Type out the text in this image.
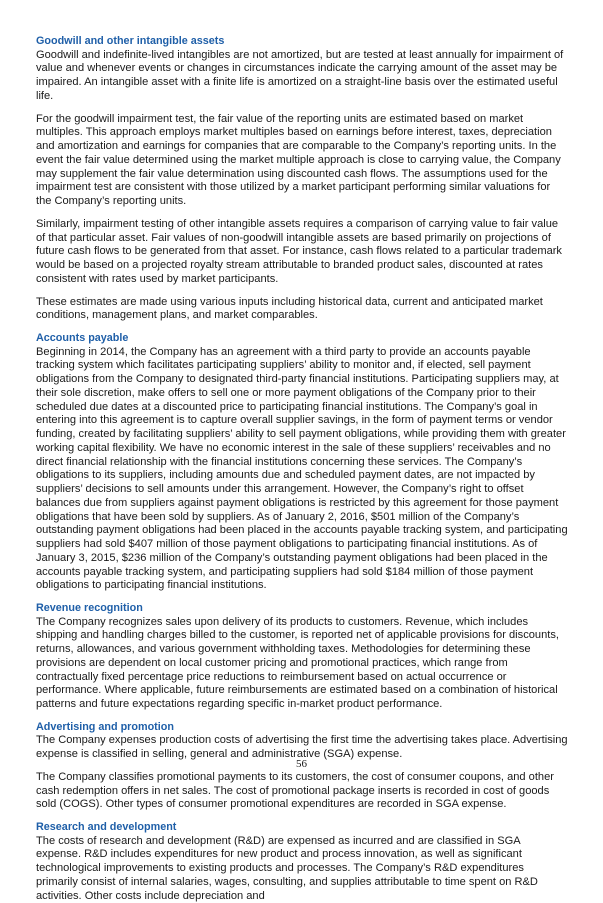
Goodwill and other intangible assets

Goodwill and indefinite-lived intangibles are not amortized, but are tested at least annually for impairment of value and whenever events or changes in circumstances indicate the carrying amount of the asset may be impaired. An intangible asset with a finite life is amortized on a straight-line basis over the estimated useful life.

For the goodwill impairment test, the fair value of the reporting units are estimated based on market multiples. This approach employs market multiples based on earnings before interest, taxes, depreciation and amortization and earnings for companies that are comparable to the Company’s reporting units. In the event the fair value determined using the market multiple approach is close to carrying value, the Company may supplement the fair value determination using discounted cash flows. The assumptions used for the impairment test are consistent with those utilized by a market participant performing similar valuations for the Company’s reporting units.

Similarly, impairment testing of other intangible assets requires a comparison of carrying value to fair value of that particular asset. Fair values of non-goodwill intangible assets are based primarily on projections of future cash flows to be generated from that asset. For instance, cash flows related to a particular trademark would be based on a projected royalty stream attributable to branded product sales, discounted at rates consistent with rates used by market participants.

These estimates are made using various inputs including historical data, current and anticipated market conditions, management plans, and market comparables.

Accounts payable

Beginning in 2014, the Company has an agreement with a third party to provide an accounts payable tracking system which facilitates participating suppliers’ ability to monitor and, if elected, sell payment obligations from the Company to designated third-party financial institutions. Participating suppliers may, at their sole discretion, make offers to sell one or more payment obligations of the Company prior to their scheduled due dates at a discounted price to participating financial institutions. The Company’s goal in entering into this agreement is to capture overall supplier savings, in the form of payment terms or vendor funding, created by facilitating suppliers’ ability to sell payment obligations, while providing them with greater working capital flexibility. We have no economic interest in the sale of these suppliers’ receivables and no direct financial relationship with the financial institutions concerning these services. The Company’s obligations to its suppliers, including amounts due and scheduled payment dates, are not impacted by suppliers’ decisions to sell amounts under this arrangement. However, the Company’s right to offset balances due from suppliers against payment obligations is restricted by this agreement for those payment obligations that have been sold by suppliers. As of January 2, 2016, $501 million of the Company’s outstanding payment obligations had been placed in the accounts payable tracking system, and participating suppliers had sold $407 million of those payment obligations to participating financial institutions. As of January 3, 2015, $236 million of the Company’s outstanding payment obligations had been placed in the accounts payable tracking system, and participating suppliers had sold $184 million of those payment obligations to participating financial institutions.

Revenue recognition

The Company recognizes sales upon delivery of its products to customers. Revenue, which includes shipping and handling charges billed to the customer, is reported net of applicable provisions for discounts, returns, allowances, and various government withholding taxes. Methodologies for determining these provisions are dependent on local customer pricing and promotional practices, which range from contractually fixed percentage price reductions to reimbursement based on actual occurrence or performance. Where applicable, future reimbursements are estimated based on a combination of historical patterns and future expectations regarding specific in-market product performance.

Advertising and promotion

The Company expenses production costs of advertising the first time the advertising takes place. Advertising expense is classified in selling, general and administrative (SGA) expense.

The Company classifies promotional payments to its customers, the cost of consumer coupons, and other cash redemption offers in net sales. The cost of promotional package inserts is recorded in cost of goods sold (COGS). Other types of consumer promotional expenditures are recorded in SGA expense.

Research and development

The costs of research and development (R&D) are expensed as incurred and are classified in SGA expense. R&D includes expenditures for new product and process innovation, as well as significant technological improvements to existing products and processes. The Company’s R&D expenditures primarily consist of internal salaries, wages, consulting, and supplies attributable to time spent on R&D activities. Other costs include depreciation and

56
